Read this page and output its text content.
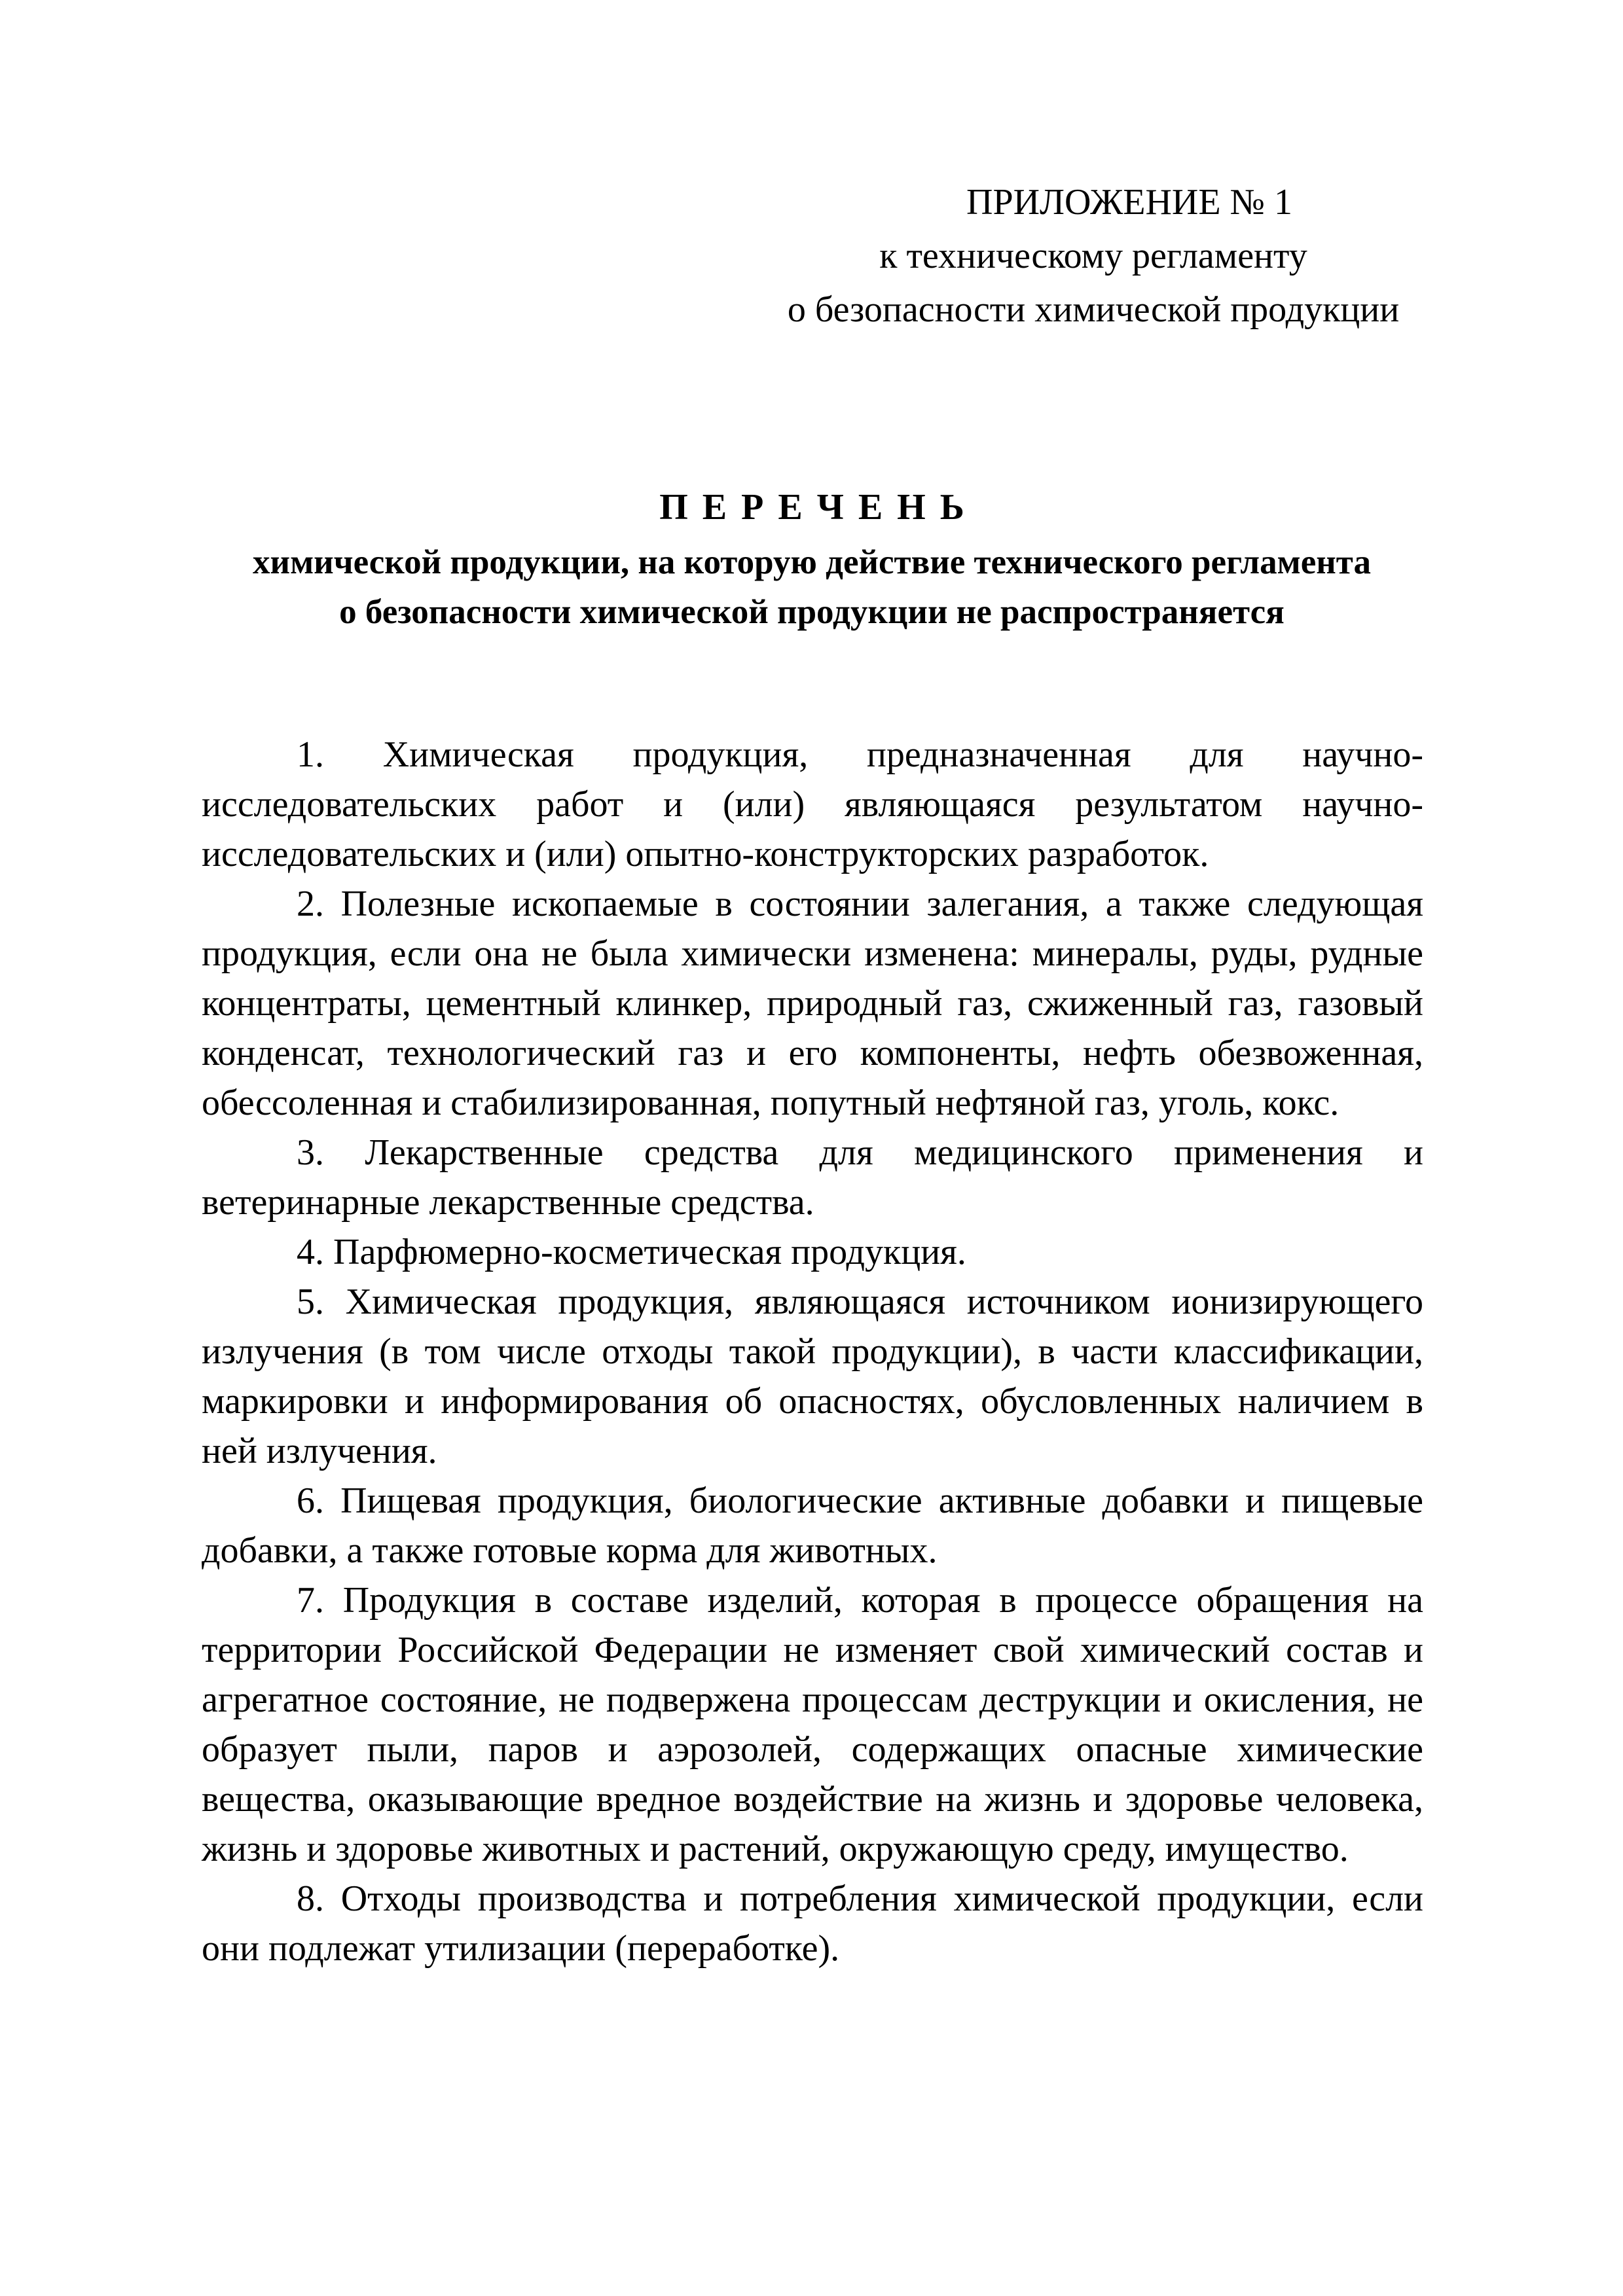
ПРИЛОЖЕНИЕ № 1
к техническому регламенту
о безопасности химической продукции
ПЕРЕЧЕНЬ
химической продукции, на которую действие технического регламента
о безопасности химической продукции не распространяется

1. Химическая продукция, предназначенная для научно-исследовательских работ и (или) являющаяся результатом научно-исследовательских и (или) опытно-конструкторских разработок.

2. Полезные ископаемые в состоянии залегания, а также следующая продукция, если она не была химически изменена: минералы, руды, рудные концентраты, цементный клинкер, природный газ, сжиженный газ, газовый конденсат, технологический газ и его компоненты, нефть обезвоженная, обессоленная и стабилизированная, попутный нефтяной газ, уголь, кокс.

3. Лекарственные средства для медицинского применения и ветеринарные лекарственные средства.

4. Парфюмерно-косметическая продукция.

5. Химическая продукция, являющаяся источником ионизирующего излучения (в том числе отходы такой продукции), в части классификации, маркировки и информирования об опасностях, обусловленных наличием в ней излучения.

6. Пищевая продукция, биологические активные добавки и пищевые добавки, а также готовые корма для животных.

7. Продукция в составе изделий, которая в процессе обращения на территории Российской Федерации не изменяет свой химический состав и агрегатное состояние, не подвержена процессам деструкции и окисления, не образует пыли, паров и аэрозолей, содержащих опасные химические вещества, оказывающие вредное воздействие на жизнь и здоровье человека, жизнь и здоровье животных и растений, окружающую среду, имущество.

8. Отходы производства и потребления химической продукции, если они подлежат утилизации (переработке).
